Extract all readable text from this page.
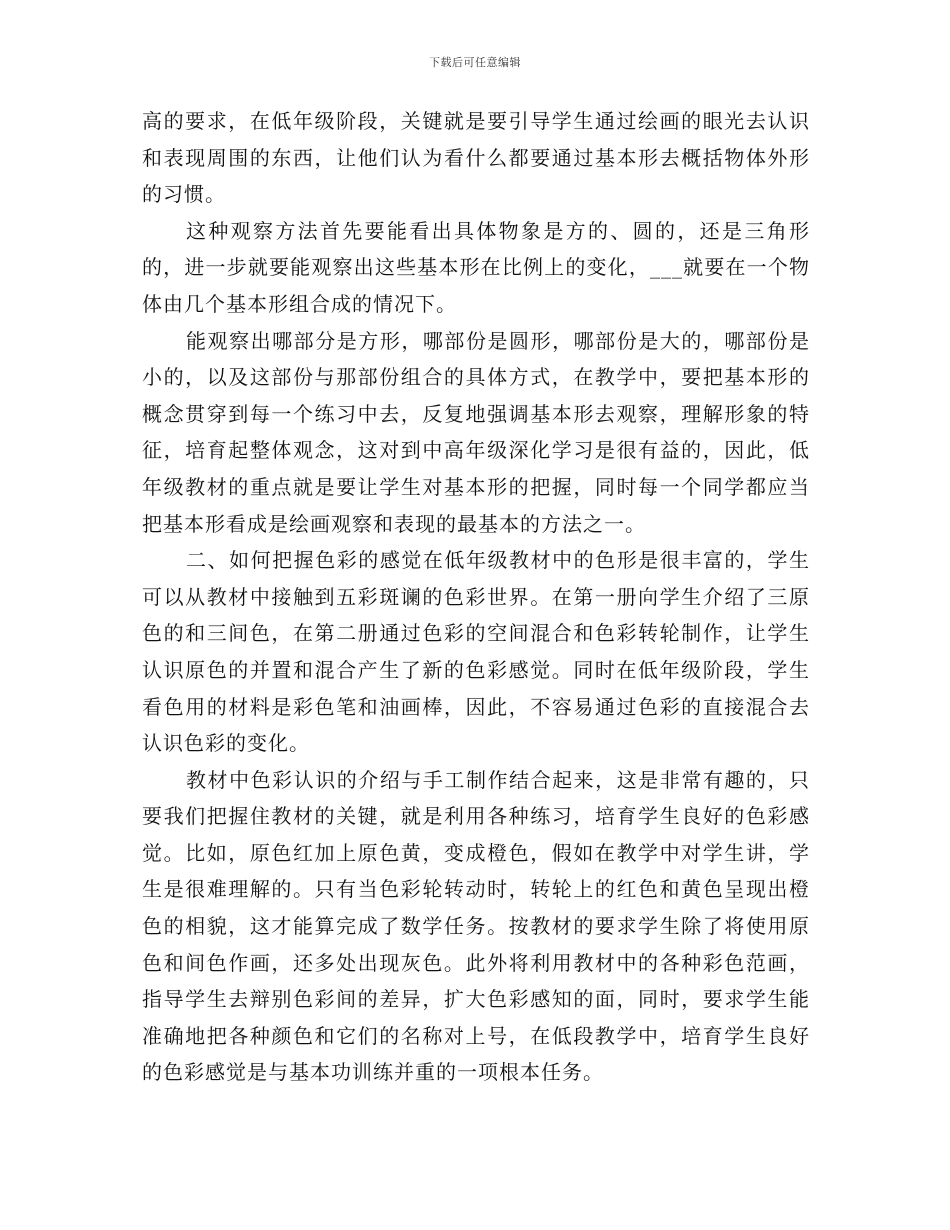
下载后可任意编辑

高的要求，在低年级阶段，关键就是要引导学生通过绘画的眼光去认识和表现周围的东西，让他们认为看什么都要通过基本形去概括物体外形的习惯。

这种观察方法首先要能看出具体物象是方的、圆的，还是三角形的，进一步就要能观察出这些基本形在比例上的变化，___就要在一个物体由几个基本形组合成的情况下。

能观察出哪部分是方形，哪部份是圆形，哪部份是大的，哪部份是小的，以及这部份与那部份组合的具体方式，在教学中，要把基本形的概念贯穿到每一个练习中去，反复地强调基本形去观察，理解形象的特征，培育起整体观念，这对到中高年级深化学习是很有益的，因此，低年级教材的重点就是要让学生对基本形的把握，同时每一个同学都应当把基本形看成是绘画观察和表现的最基本的方法之一。

二、如何把握色彩的感觉在低年级教材中的色形是很丰富的，学生可以从教材中接触到五彩斑谰的色彩世界。在第一册向学生介绍了三原色的和三间色，在第二册通过色彩的空间混合和色彩转轮制作，让学生认识原色的并置和混合产生了新的色彩感觉。同时在低年级阶段，学生看色用的材料是彩色笔和油画棒，因此，不容易通过色彩的直接混合去认识色彩的变化。

教材中色彩认识的介绍与手工制作结合起来，这是非常有趣的，只要我们把握住教材的关键，就是利用各种练习，培育学生良好的色彩感觉。比如，原色红加上原色黄，变成橙色，假如在教学中对学生讲，学生是很难理解的。只有当色彩轮转动时，转轮上的红色和黄色呈现出橙色的相貌，这才能算完成了数学任务。按教材的要求学生除了将使用原色和间色作画，还多处出现灰色。此外将利用教材中的各种彩色范画，指导学生去辩别色彩间的差异，扩大色彩感知的面，同时，要求学生能准确地把各种颜色和它们的名称对上号，在低段教学中，培育学生良好的色彩感觉是与基本功训练并重的一项根本任务。
